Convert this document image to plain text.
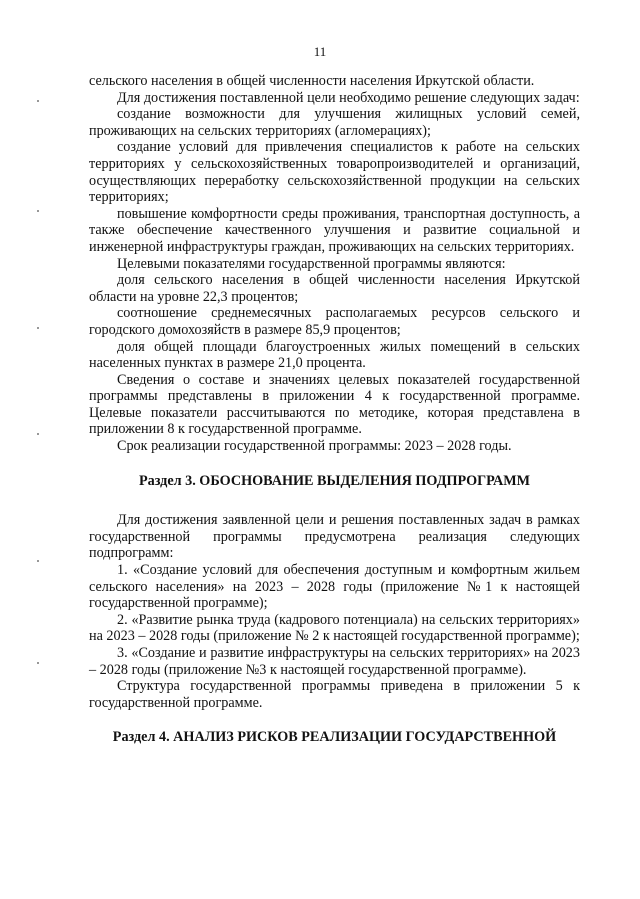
11

сельского населения в общей численности населения Иркутской области.

Для достижения поставленной цели необходимо решение следующих задач:

создание возможности для улучшения жилищных условий семей, проживающих на сельских территориях (агломерациях);

создание условий для привлечения специалистов к работе на сельских территориях у сельскохозяйственных товаропроизводителей и организаций, осуществляющих переработку сельскохозяйственной продукции на сельских территориях;

повышение комфортности среды проживания, транспортная доступность, а также обеспечение качественного улучшения и развитие социальной и инженерной инфраструктуры граждан, проживающих на сельских территориях.

Целевыми показателями государственной программы являются:

доля сельского населения в общей численности населения Иркутской области на уровне 22,3 процентов;

соотношение среднемесячных располагаемых ресурсов сельского и городского домохозяйств в размере 85,9 процентов;

доля общей площади благоустроенных жилых помещений в сельских населенных пунктах в размере 21,0 процента.

Сведения о составе и значениях целевых показателей государственной программы представлены в приложении 4 к государственной программе. Целевые показатели рассчитываются по методике, которая представлена в приложении 8 к государственной программе.

Срок реализации государственной программы: 2023 – 2028 годы.

Раздел 3. ОБОСНОВАНИЕ ВЫДЕЛЕНИЯ ПОДПРОГРАММ

Для достижения заявленной цели и решения поставленных задач в рамках государственной программы предусмотрена реализация следующих подпрограмм:

1. «Создание условий для обеспечения доступным и комфортным жильем сельского населения» на 2023 – 2028 годы (приложение №1 к настоящей государственной программе);

2. «Развитие рынка труда (кадрового потенциала) на сельских территориях» на 2023 – 2028 годы (приложение № 2 к настоящей государственной программе);

3. «Создание и развитие инфраструктуры на сельских территориях» на 2023 – 2028 годы (приложение №3 к настоящей государственной программе).

Структура государственной программы приведена в приложении 5 к государственной программе.

Раздел 4. АНАЛИЗ РИСКОВ РЕАЛИЗАЦИИ ГОСУДАРСТВЕННОЙ
